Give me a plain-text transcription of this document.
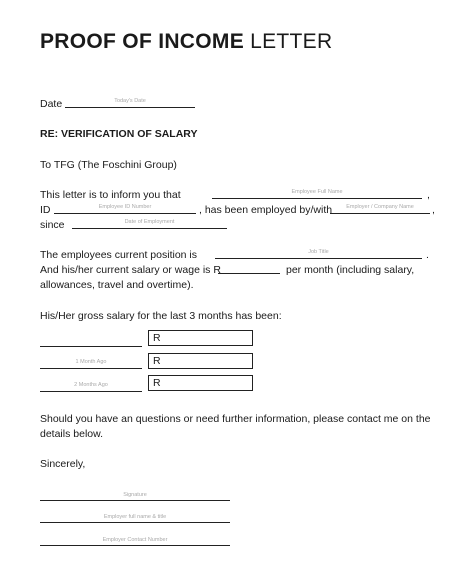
PROOF OF INCOME LETTER
Date	Today's Date
RE: VERIFICATION OF SALARY
To TFG (The Foschini Group)
This letter is to inform you that	Employee Full Name	,
ID	Employee ID Number	, has been employed by/with	Employer / Company Name	,
since	Date of Employment
The employees current position is	Job Title	.
And his/her current salary or wage is R	per month (including salary,
allowances, travel and overtime).
His/Her gross salary for the last 3 months has been:
R
1 Month Ago	R
2 Months Ago	R
Should you have an questions or need further information, please contact me on the
details below.
Sincerely,
Signature
Employer full name & title
Employer Contact Number
